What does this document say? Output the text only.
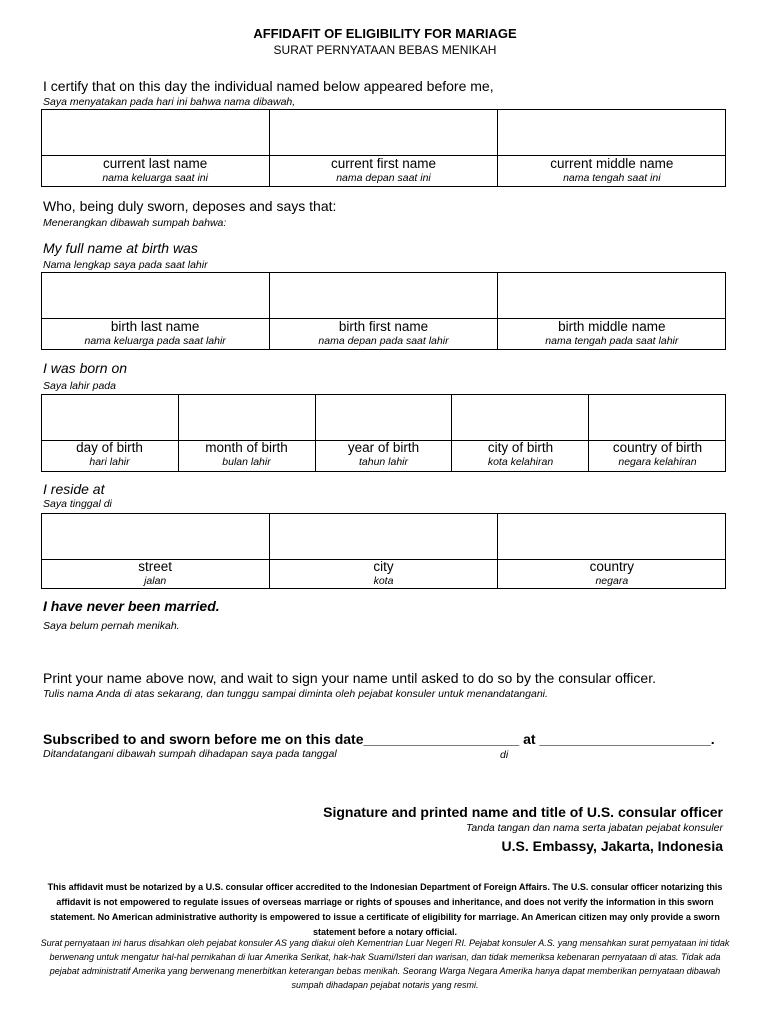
AFFIDAFIT OF ELIGIBILITY FOR MARIAGE
SURAT PERNYATAAN BEBAS MENIKAH
I certify that on this day the individual named below appeared before me,
Saya menyatakan pada hari ini bahwa nama dibawah,
current last name
nama keluarga saat ini
current first name
nama depan saat ini
current middle name
nama tengah saat ini
Who, being duly sworn, deposes and says that:
Menerangkan dibawah sumpah bahwa:
My full name at birth was
Nama lengkap saya pada saat lahir
birth last name
nama keluarga pada saat lahir
birth first name
nama depan pada saat lahir
birth middle name
nama tengah pada saat lahir
I was born on
Saya lahir pada
day of birth
hari lahir
month of birth
bulan lahir
year of birth
tahun lahir
city of birth
kota kelahiran
country of birth
negara kelahiran
I reside at
Saya tinggal di
street
jalan
city
kota
country
negara
I have never been married.
Saya belum pernah menikah.
Print your name above now, and wait to sign your name until asked to do so by the consular officer.
Tulis nama Anda di atas sekarang, dan tunggu sampai diminta oleh pejabat konsuler untuk menandatangani.
Subscribed to and sworn before me on this date____________________ at ______________________.
Ditandatangani dibawah sumpah dihadapan saya pada tanggal	di
Signature and printed name and title of U.S. consular officer
Tanda tangan dan nama serta jabatan pejabat konsuler
U.S. Embassy, Jakarta, Indonesia
This affidavit must be notarized by a U.S. consular officer accredited to the Indonesian Department of Foreign Affairs. The U.S. consular officer notarizing this affidavit is not empowered to regulate issues of overseas marriage or rights of spouses and inheritance, and does not verify the information in this sworn statement. No American administrative authority is empowered to issue a certificate of eligibility for marriage. An American citizen may only provide a sworn statement before a notary official.
Surat pernyataan ini harus disahkan oleh pejabat konsuler AS yang diakui oleh Kementrian Luar Negeri RI. Pejabat konsuler A.S. yang mensahkan surat pernyataan ini tidak berwenang untuk mengatur hal-hal pernikahan di luar Amerika Serikat, hak-hak Suami/Isteri dan warisan, dan tidak memeriksa kebenaran pernyataan di atas. Tidak ada pejabat administratif Amerika yang berwenang menerbitkan keterangan bebas menikah. Seorang Warga Negara Amerika hanya dapat memberikan pernyataan dibawah sumpah dihadapan pejabat notaris yang resmi.
